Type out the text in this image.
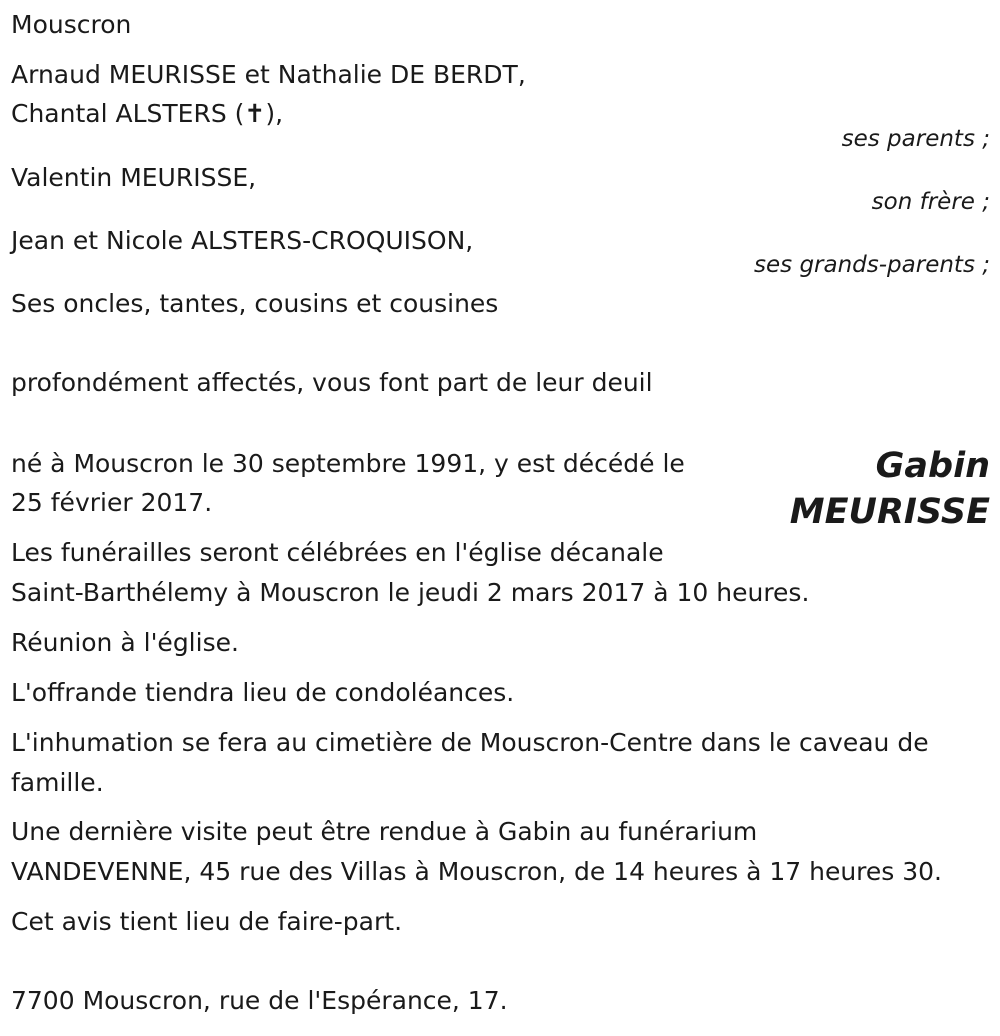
Mouscron
Arnaud MEURISSE et Nathalie DE BERDT,
Chantal ALSTERS (✝),
ses parents ;
Valentin MEURISSE,
son frère ;
Jean et Nicole ALSTERS-CROQUISON,
ses grands-parents ;
Ses oncles, tantes, cousins et cousines
profondément affectés, vous font part de leur deuil
Gabin
MEURISSE
né à Mouscron le 30 septembre 1991, y est décédé le
25 février 2017.
Les funérailles seront célébrées en l'église décanale
Saint-Barthélemy à Mouscron le jeudi 2 mars 2017 à 10 heures.
Réunion à l'église.
L'offrande tiendra lieu de condoléances.
L'inhumation se fera au cimetière de Mouscron-Centre dans le caveau de
famille.
Une dernière visite peut être rendue à Gabin au funérarium
VANDEVENNE, 45 rue des Villas à Mouscron, de 14 heures à 17 heures 30.
Cet avis tient lieu de faire-part.
7700 Mouscron, rue de l'Espérance, 17.
